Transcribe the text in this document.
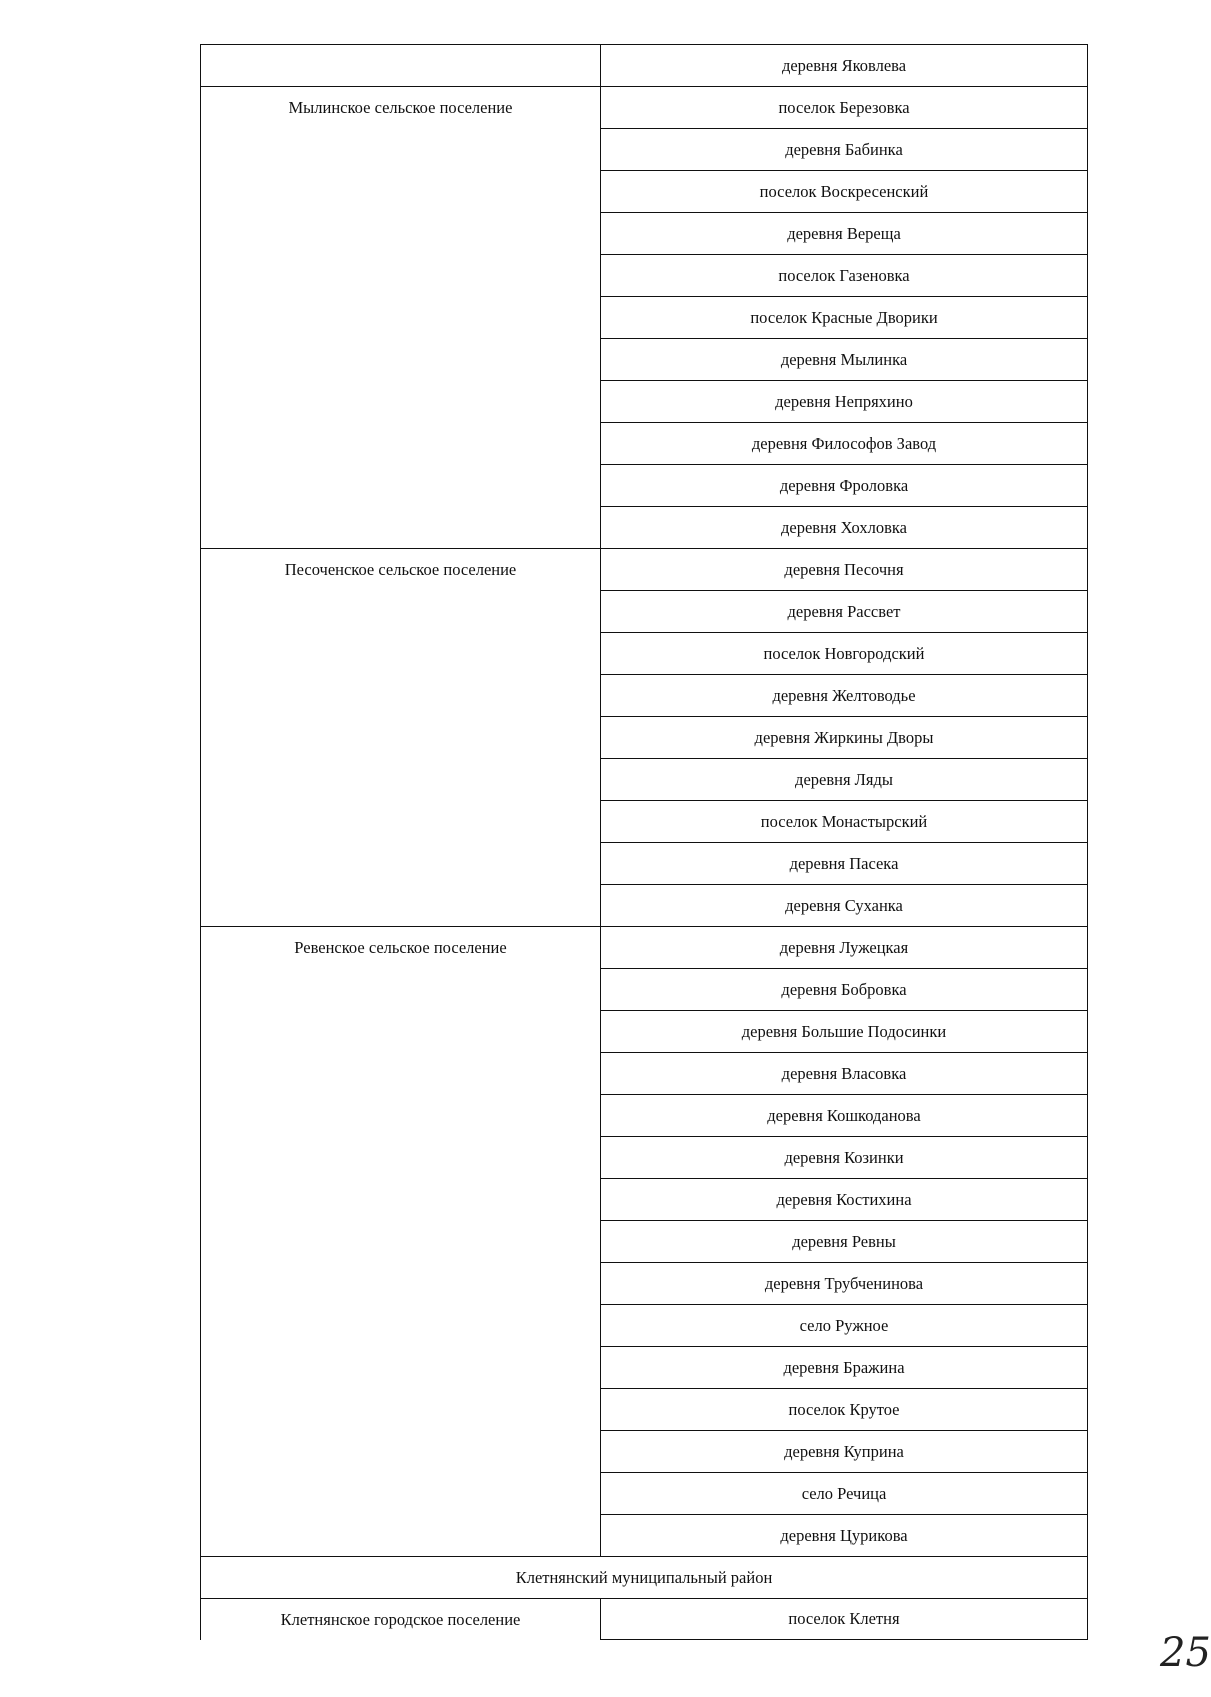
	деревня Яковлева

Мылинское сельское поселение	поселок Березовка
	деревня Бабинка
	поселок Воскресенский
	деревня Вереща
	поселок Газеновка
	поселок Красные Дворики
	деревня Мылинка
	деревня Непряхино
	деревня Философов Завод
	деревня Фроловка
	деревня Хохловка

Песоченское сельское поселение	деревня Песочня
	деревня Рассвет
	поселок Новгородский
	деревня Желтоводье
	деревня Жиркины Дворы
	деревня Ляды
	поселок Монастырский
	деревня Пасека
	деревня Суханка

Ревенское сельское поселение	деревня Лужецкая
	деревня Бобровка
	деревня Большие Подосинки
	деревня Власовка
	деревня Кошкоданова
	деревня Козинки
	деревня Костихина
	деревня Ревны
	деревня Трубченинова
	село Ружное
	деревня Бражина
	поселок Крутое
	деревня Куприна
	село Речица
	деревня Цурикова
Клетнянский муниципальный район	

Клетнянское городское поселение	поселок Клетня
25
